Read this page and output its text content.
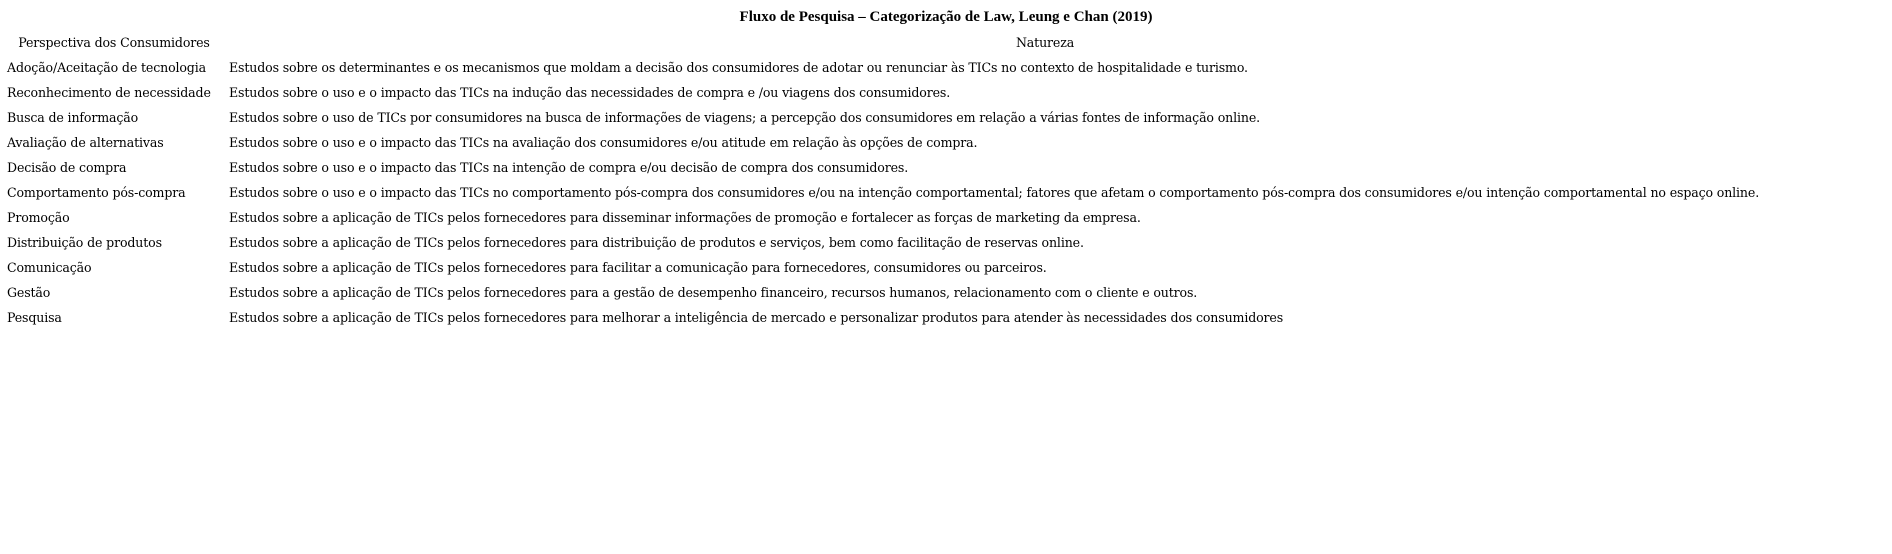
Fluxo de Pesquisa – Categorização de Law, Leung e Chan (2019)
Perspectiva dos Consumidores	Natureza
Adoção/Aceitação de tecnologia	Estudos sobre os determinantes e os mecanismos que moldam a decisão dos consumidores de adotar ou renunciar às TICs no contexto de hospitalidade e turismo.
Reconhecimento de necessidade	Estudos sobre o uso e o impacto das TICs na indução das necessidades de compra e /ou viagens dos consumidores.
Busca de informação	Estudos sobre o uso de TICs por consumidores na busca de informações de viagens; a percepção dos consumidores em relação a várias fontes de informação online.
Avaliação de alternativas	Estudos sobre o uso e o impacto das TICs na avaliação dos consumidores e/ou atitude em relação às opções de compra.
Decisão de compra	Estudos sobre o uso e o impacto das TICs na intenção de compra e/ou decisão de compra dos consumidores.
Comportamento pós-compra	Estudos sobre o uso e o impacto das TICs no comportamento pós-compra dos consumidores e/ou na intenção comportamental; fatores que afetam o comportamento pós-compra dos consumidores e/ou intenção comportamental no espaço online.
Promoção	Estudos sobre a aplicação de TICs pelos fornecedores para disseminar informações de promoção e fortalecer as forças de marketing da empresa.
Distribuição de produtos	Estudos sobre a aplicação de TICs pelos fornecedores para distribuição de produtos e serviços, bem como facilitação de reservas online.
Comunicação	Estudos sobre a aplicação de TICs pelos fornecedores para facilitar a comunicação para fornecedores, consumidores ou parceiros.
Gestão	Estudos sobre a aplicação de TICs pelos fornecedores para a gestão de desempenho financeiro, recursos humanos, relacionamento com o cliente e outros.
Pesquisa	Estudos sobre a aplicação de TICs pelos fornecedores para melhorar a inteligência de mercado e personalizar produtos para atender às necessidades dos consumidores
